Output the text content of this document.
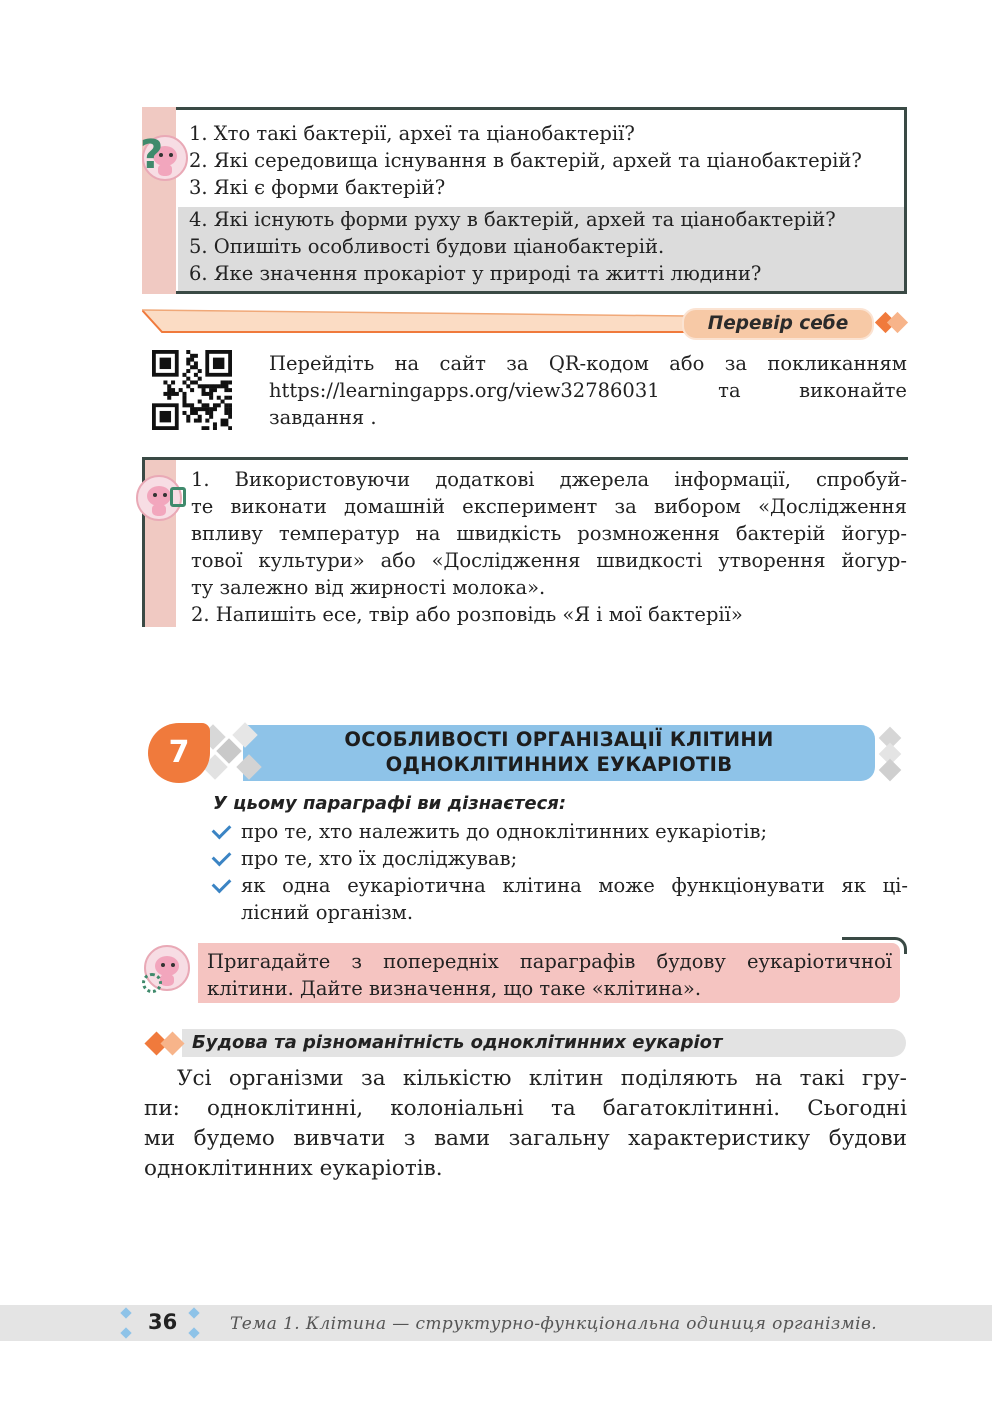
? 1. Хто такі бактерії, археї та ціанобактерії?
2. Які середовища існування в бактерій, архей та ціанобактерій?
3. Які є форми бактерій?
4. Які існують форми руху в бактерій, архей та ціанобактерій?
5. Опишіть особливості будови ціанобактерій.
6. Яке значення прокаріот у природі та житті людини?
Перевір себе
Перейдіть на сайт за QR-кодом або за покликанням
https://learningapps.org/view32786031	та	виконайте
завдання .
1. Використовуючи додаткові джерела інформації, спробуй-
те виконати домашній експеримент за вибором «Дослідження
впливу температур на швидкість розмноження бактерій йогур-
тової культури» або «Дослідження швидкості утворення йогур-
ту залежно від жирності молока».
2. Напишіть есе, твір або розповідь «Я і мої бактерії»
7	ОСОБЛИВОСТІ ОРГАНІЗАЦІЇ КЛІТИНИ
ОДНОКЛІТИННИХ ЕУКАРІОТІВ
У цьому параграфі ви дізнаєтеся:
про те, хто належить до одноклітинних еукаріотів;
про те, хто їх досліджував;
як одна еукаріотична клітина може функціонувати як ці-
лісний організм.
Пригадайте з попередніх параграфів будову еукаріотичної
клітини. Дайте визначення, що таке «клітина».
Будова та різноманітність одноклітинних еукаріот
Усі організми за кількістю клітин поділяють на такі гру-
пи: одноклітинні, колоніальні та багатоклітинні. Сьогодні
ми будемо вивчати з вами загальну характеристику будови
одноклітинних еукаріотів.
36	Тема 1. Клітина — структурно-функціональна одиниця організмів.
